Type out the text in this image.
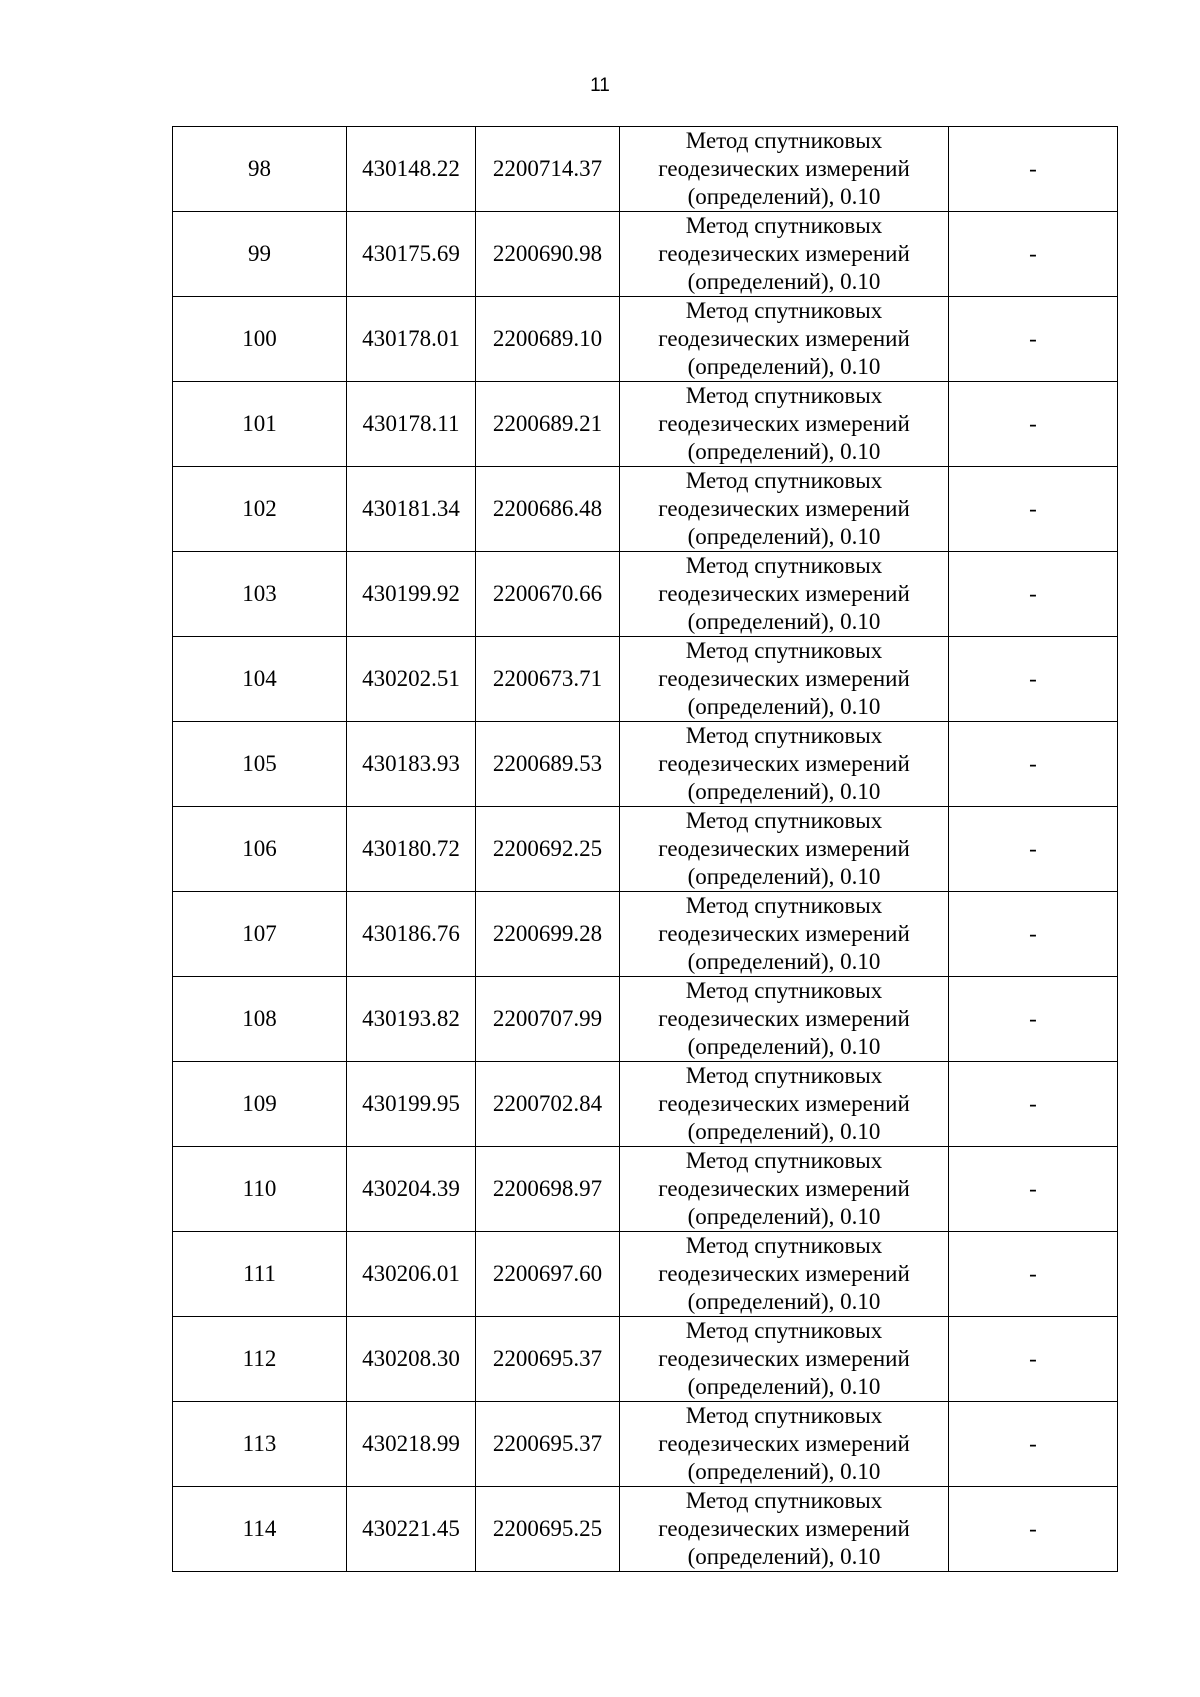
11
98	430148.22	2200714.37	Метод спутниковых
геодезических измерений
(определений), 0.10	-
99	430175.69	2200690.98	Метод спутниковых
геодезических измерений
(определений), 0.10	-
100	430178.01	2200689.10	Метод спутниковых
геодезических измерений
(определений), 0.10	-
101	430178.11	2200689.21	Метод спутниковых
геодезических измерений
(определений), 0.10	-
102	430181.34	2200686.48	Метод спутниковых
геодезических измерений
(определений), 0.10	-
103	430199.92	2200670.66	Метод спутниковых
геодезических измерений
(определений), 0.10	-
104	430202.51	2200673.71	Метод спутниковых
геодезических измерений
(определений), 0.10	-
105	430183.93	2200689.53	Метод спутниковых
геодезических измерений
(определений), 0.10	-
106	430180.72	2200692.25	Метод спутниковых
геодезических измерений
(определений), 0.10	-
107	430186.76	2200699.28	Метод спутниковых
геодезических измерений
(определений), 0.10	-
108	430193.82	2200707.99	Метод спутниковых
геодезических измерений
(определений), 0.10	-
109	430199.95	2200702.84	Метод спутниковых
геодезических измерений
(определений), 0.10	-
110	430204.39	2200698.97	Метод спутниковых
геодезических измерений
(определений), 0.10	-
111	430206.01	2200697.60	Метод спутниковых
геодезических измерений
(определений), 0.10	-
112	430208.30	2200695.37	Метод спутниковых
геодезических измерений
(определений), 0.10	-
113	430218.99	2200695.37	Метод спутниковых
геодезических измерений
(определений), 0.10	-
114	430221.45	2200695.25	Метод спутниковых
геодезических измерений
(определений), 0.10	-
